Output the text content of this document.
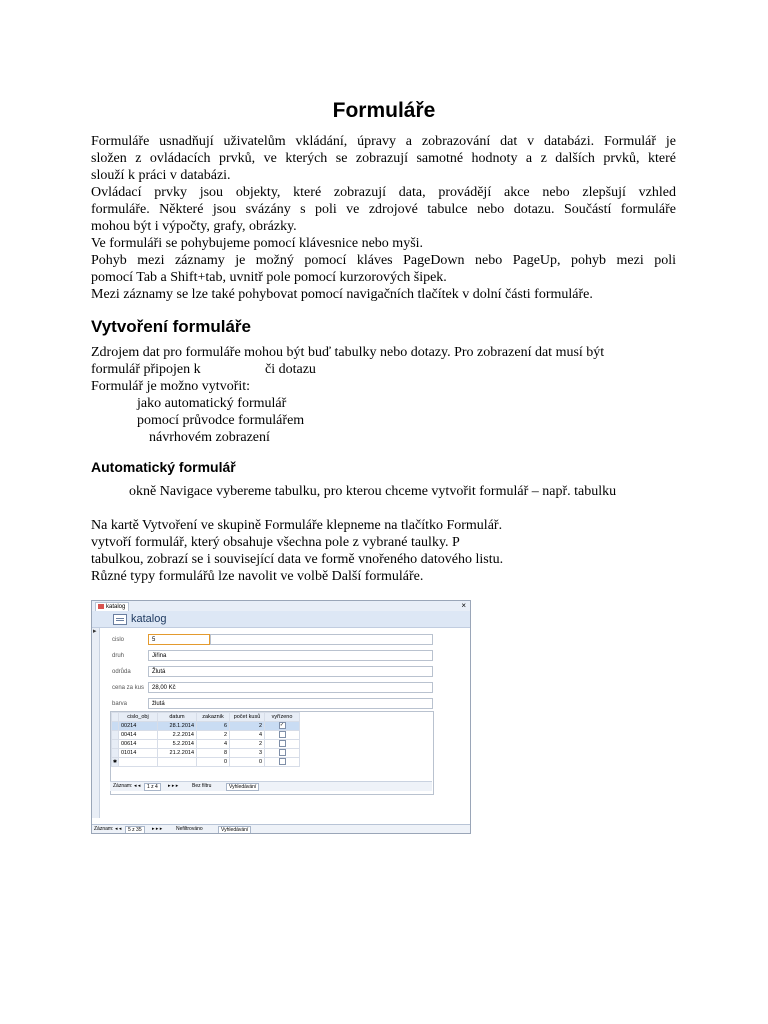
Formuláře
Formuláře usnadňují uživatelům vkládání, úpravy a zobrazování dat v databázi. Formulář je
složen z ovládacích prvků, ve kterých se zobrazují samotné hodnoty a z dalších prvků, které
slouží k práci v databázi.
Ovládací prvky jsou objekty, které zobrazují data, provádějí akce nebo zlepšují vzhled
formuláře. Některé jsou svázány s poli ve zdrojové tabulce nebo dotazu. Součástí formuláře
mohou být i výpočty, grafy, obrázky.
Ve formuláři se pohybujeme pomocí klávesnice nebo myši.
Pohyb mezi záznamy je možný pomocí kláves PageDown nebo PageUp, pohyb mezi poli
pomocí Tab a Shift+tab, uvnitř pole pomocí kurzorových šipek.
Mezi záznamy se lze také pohybovat pomocí navigačních tlačítek v dolní části formuláře.
Vytvoření formuláře

Zdrojem dat pro formuláře mohou být buď tabulky nebo dotazy. Pro zobrazení dat musí být

formulář připojen k	či dotazu

Formulář je možno vytvořit:

jako automatický formulář

pomocí průvodce formulářem

návrhovém zobrazení

Automatický formulář

okně Navigace vybereme tabulku, pro kterou chceme vytvořit formulář – např. tabulku

Na kartě Vytvoření ve skupině Formuláře klepneme na tlačítko Formulář.

vytvoří formulář, který obsahuje všechna pole z vybrané taulky. P

tabulkou, zobrazí se i související data ve formě vnořeného datového listu.

Různé typy formulářů lze navolit ve volbě Další formuláře.

katalog	×
katalog
▸
cislo	5
druh	Jiřina
odrůda	Žlutá
cena za kus	28,00 Kč
barva	žlutá
	cislo_obj	datum	zakaznik	počet kusů	vyřízeno
	00214	28.1.2014	6	2	✓
	00414	2.2.2014	2	4	
	00614	5.2.2014	4	2	
	01014	21.2.2014	8	3	
✱			0	0	
Záznam: ◂ ◂	1 z 4	▸ ▸ ▸	Bez filtru	Vyhledávání
Záznam: ◂ ◂	5 z 35	▸ ▸ ▸	Nefiltrováno	Vyhledávání
